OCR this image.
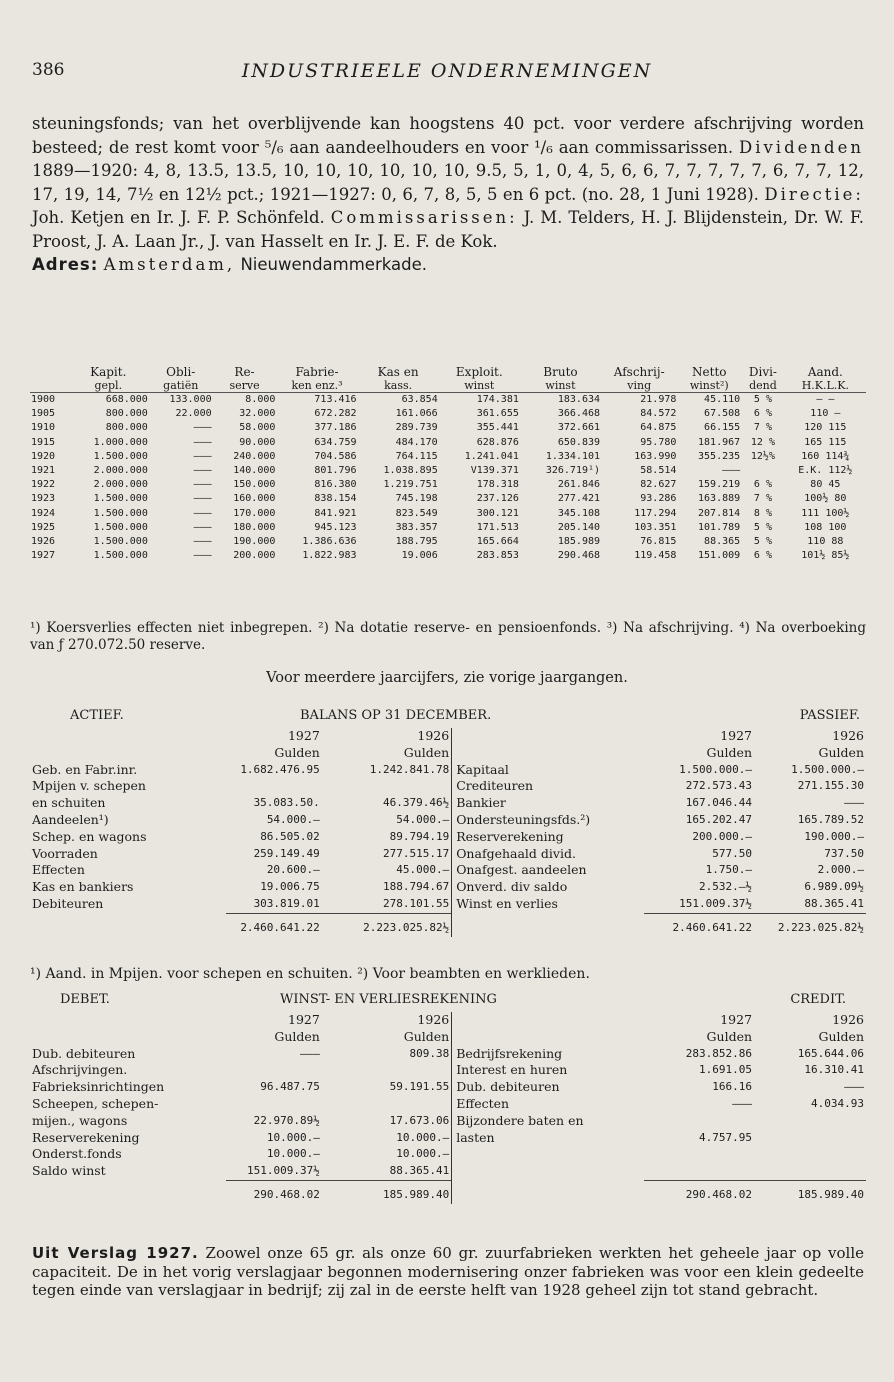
386	INDUSTRIEELE ONDERNEMINGEN

steuningsfonds; van het overblijvende kan hoogstens 40 pct. voor verdere afschrijving worden besteed; de rest komt voor ⁵/₆ aan aandeelhouders en voor ¹/₆ aan commissarissen. Dividenden 1889—1920: 4, 8, 13.5, 13.5, 10, 10, 10, 10, 10, 10, 9.5, 5, 1, 0, 4, 5, 6, 6, 7, 7, 7, 7, 7, 6, 7, 7, 12, 17, 19, 14, 7½ en 12½ pct.; 1921—1927: 0, 6, 7, 8, 5, 5 en 6 pct. (no. 28, 1 Juni 1928). Directie: Joh. Ketjen en Ir. J. F. P. Schönfeld. Commissarissen: J. M. Telders, H. J. Blijdenstein, Dr. W. F. Proost, J. A. Laan Jr., J. van Hasselt en Ir. J. E. F. de Kok.

Adres: Amsterdam, Nieuwendammerkade.

	Kapit.	Obli-	Re-	Fabrie-	Kas en	Exploit.	Bruto	Afschrij-	Netto	Divi-	Aand.
	gepl.	gatiën	serve	ken enz.³	kass.	winst	winst	ving	winst²)	dend	H.K.L.K.
1900	668.000	133.000	8.000	713.416	63.854	174.381	183.634	21.978	45.110	5 %	— —
1905	800.000	22.000	32.000	672.282	161.066	361.655	366.468	84.572	67.508	6 %	110 —
1910	800.000	———	58.000	377.186	289.739	355.441	372.661	64.875	66.155	7 %	120 115
1915	1.000.000	———	90.000	634.759	484.170	628.876	650.839	95.780	181.967	12 %	165 115
1920	1.500.000	———	240.000	704.586	764.115	1.241.041	1.334.101	163.990	355.235	12½%	160 114¾
1921	2.000.000	———	140.000	801.796	1.038.895	V139.371	326.719¹)	58.514	———		E.K. 112½
1922	2.000.000	———	150.000	816.380	1.219.751	178.318	261.846	82.627	159.219	6 %	80 45
1923	1.500.000	———	160.000	838.154	745.198	237.126	277.421	93.286	163.889	7 %	100½ 80
1924	1.500.000	———	170.000	841.921	823.549	300.121	345.108	117.294	207.814	8 %	111 100½
1925	1.500.000	———	180.000	945.123	383.357	171.513	205.140	103.351	101.789	5 %	108 100
1926	1.500.000	———	190.000	1.386.636	188.795	165.664	185.989	76.815	88.365	5 %	110 88
1927	1.500.000	———	200.000	1.822.983	19.006	283.853	290.468	119.458	151.009	6 %	101½ 85½

¹) Koersverlies effecten niet inbegrepen. ²) Na dotatie reserve- en pensioenfonds. ³) Na afschrijving. ⁴) Na overboeking van ƒ 270.072.50 reserve.

Voor meerdere jaarcijfers, zie vorige jaargangen.
ACTIEF.	BALANS OP 31 DECEMBER.	PASSIEF.
	1927	1926			1927	1926
	Gulden	Gulden			Gulden	Gulden
Geb. en Fabr.inr.	1.682.476.95	1.242.841.78		Kapitaal	1.500.000.—	1.500.000.—
Mpijen v. schepen				Crediteuren	272.573.43	271.155.30
en schuiten	35.083.50.	46.379.46½		Bankier	167.046.44	———
Aandeelen¹)	54.000.—	54.000.—		Ondersteuningsfds.²)	165.202.47	165.789.52
Schep. en wagons	86.505.02	89.794.19		Reserverekening	200.000.—	190.000.—
Voorraden	259.149.49	277.515.17		Onafgehaald divid.	577.50	737.50
Effecten	20.600.—	45.000.—		Onafgest. aandeelen	1.750.—	2.000.—
Kas en bankiers	19.006.75	188.794.67		Onverd. div saldo	2.532.—½	6.989.09½
Debiteuren	303.819.01	278.101.55		Winst en verlies	151.009.37½	88.365.41
	2.460.641.22	2.223.025.82½			2.460.641.22	2.223.025.82½
¹) Aand. in Mpijen. voor schepen en schuiten. ²) Voor beambten en werklieden.
DEBET.	WINST- EN VERLIESREKENING	CREDIT.
	1927	1926			1927	1926
	Gulden	Gulden			Gulden	Gulden
Dub. debiteuren	———	809.38		Bedrijfsrekening	283.852.86	165.644.06
Afschrijvingen.				Interest en huren	1.691.05	16.310.41
Fabrieksinrichtingen	96.487.75	59.191.55		Dub. debiteuren	166.16	———
Scheepen, schepen-				Effecten	———	4.034.93
mijen., wagons	22.970.89½	17.673.06		Bijzondere baten en		
Reserverekening	10.000.—	10.000.—		lasten	4.757.95	
Onderst.fonds	10.000.—	10.000.—				
Saldo winst	151.009.37½	88.365.41				
	290.468.02	185.989.40			290.468.02	185.989.40

Uit Verslag 1927. Zoowel onze 65 gr. als onze 60 gr. zuurfabrieken werkten het geheele jaar op volle capaciteit. De in het vorig verslagjaar begonnen modernisering onzer fabrieken was voor een klein gedeelte tegen einde van verslagjaar in bedrijf; zij zal in de eerste helft van 1928 geheel zijn tot stand gebracht.
